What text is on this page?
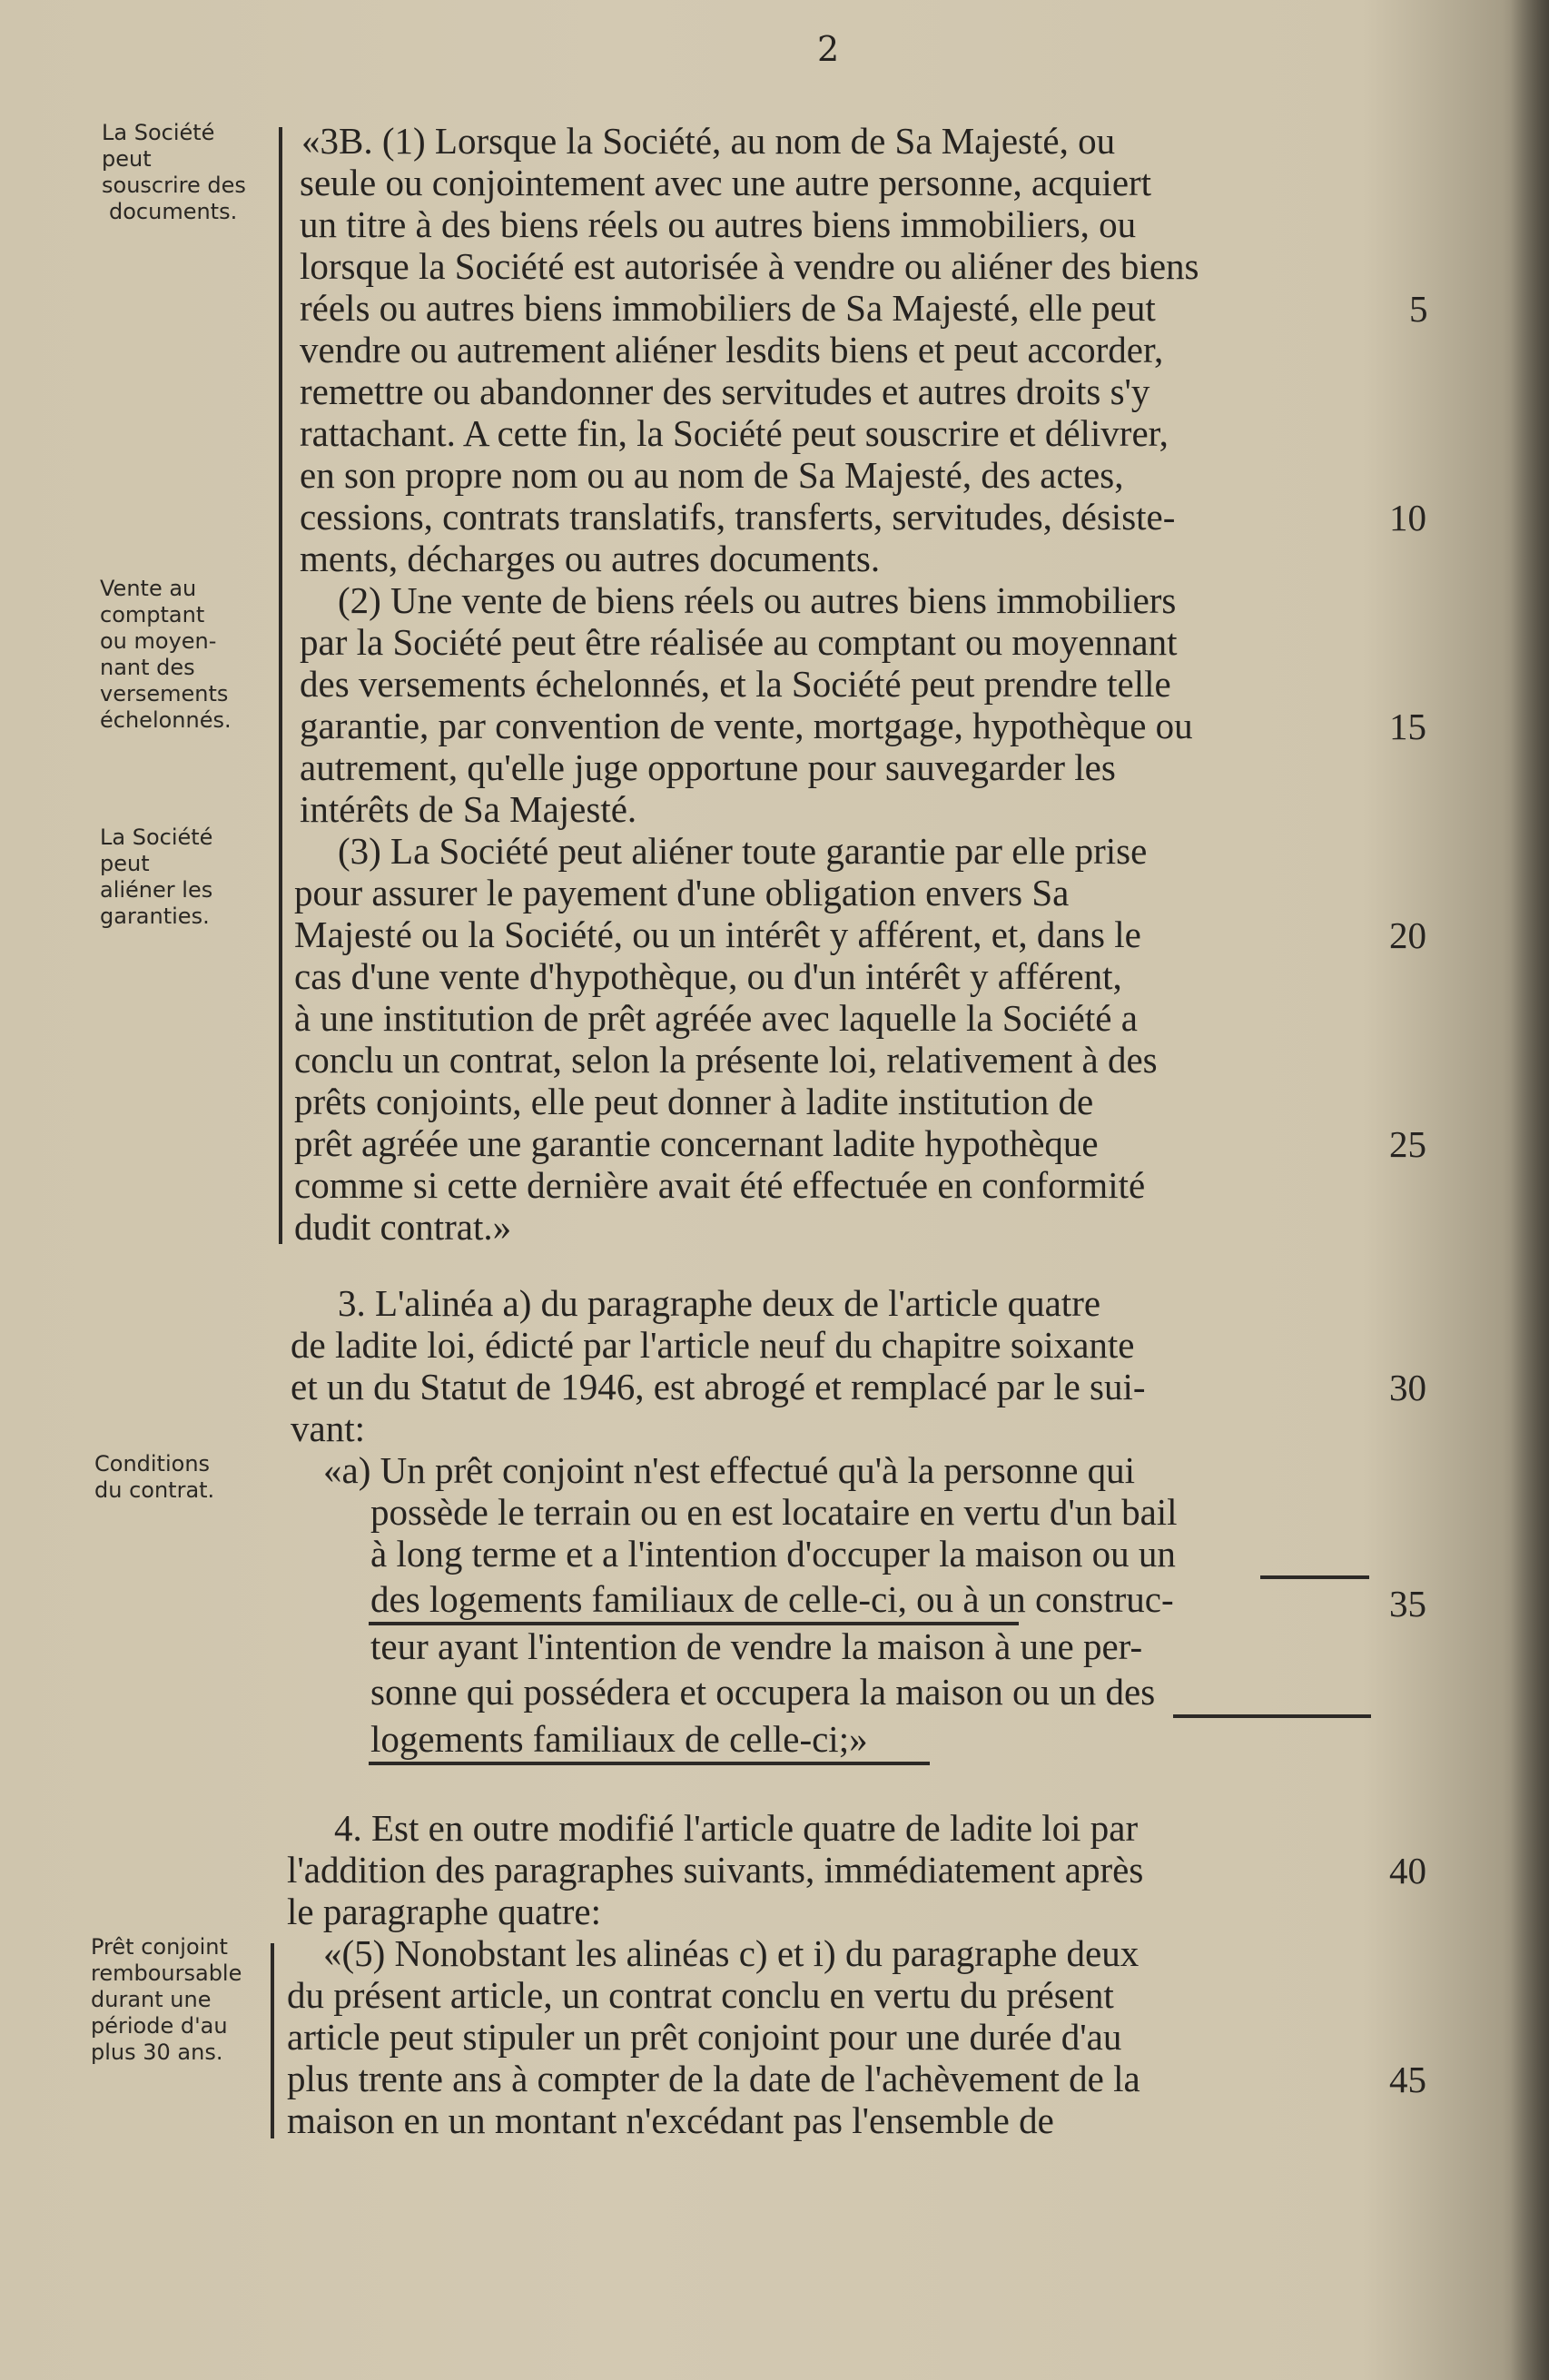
2
La Société
peut
souscrire des
documents.
Vente au
comptant
ou moyen-
nant des
versements
échelonnés.
La Société
peut
aliéner les
garanties.
Conditions
du contrat.
Prêt conjoint
remboursable
durant une
période d'au
plus 30 ans.
«3B. (1) Lorsque la Société, au nom de Sa Majesté, ou
seule ou conjointement avec une autre personne, acquiert
un titre à des biens réels ou autres biens immobiliers, ou
lorsque la Société est autorisée à vendre ou aliéner des biens
réels ou autres biens immobiliers de Sa Majesté, elle peut
vendre ou autrement aliéner lesdits biens et peut accorder,
remettre ou abandonner des servitudes et autres droits s'y
rattachant. A cette fin, la Société peut souscrire et délivrer,
en son propre nom ou au nom de Sa Majesté, des actes,
cessions, contrats translatifs, transferts, servitudes, désiste-
ments, décharges ou autres documents.
(2) Une vente de biens réels ou autres biens immobiliers
par la Société peut être réalisée au comptant ou moyennant
des versements échelonnés, et la Société peut prendre telle
garantie, par convention de vente, mortgage, hypothèque ou
autrement, qu'elle juge opportune pour sauvegarder les
intérêts de Sa Majesté.
(3) La Société peut aliéner toute garantie par elle prise
pour assurer le payement d'une obligation envers Sa
Majesté ou la Société, ou un intérêt y afférent, et, dans le
cas d'une vente d'hypothèque, ou d'un intérêt y afférent,
à une institution de prêt agréée avec laquelle la Société a
conclu un contrat, selon la présente loi, relativement à des
prêts conjoints, elle peut donner à ladite institution de
prêt agréée une garantie concernant ladite hypothèque
comme si cette dernière avait été effectuée en conformité
dudit contrat.»
3. L'alinéa a) du paragraphe deux de l'article quatre
de ladite loi, édicté par l'article neuf du chapitre soixante
et un du Statut de 1946, est abrogé et remplacé par le sui-
vant:
«a) Un prêt conjoint n'est effectué qu'à la personne qui
possède le terrain ou en est locataire en vertu d'un bail
à long terme et a l'intention d'occuper la maison ou un
des logements familiaux de celle-ci, ou à un construc-
teur ayant l'intention de vendre la maison à une per-
sonne qui possédera et occupera la maison ou un des
logements familiaux de celle-ci;»
4. Est en outre modifié l'article quatre de ladite loi par
l'addition des paragraphes suivants, immédiatement après
le paragraphe quatre:
«(5) Nonobstant les alinéas c) et i) du paragraphe deux
du présent article, un contrat conclu en vertu du présent
article peut stipuler un prêt conjoint pour une durée d'au
plus trente ans à compter de la date de l'achèvement de la
maison en un montant n'excédant pas l'ensemble de
5
10
15
20
25
30
35
40
45
